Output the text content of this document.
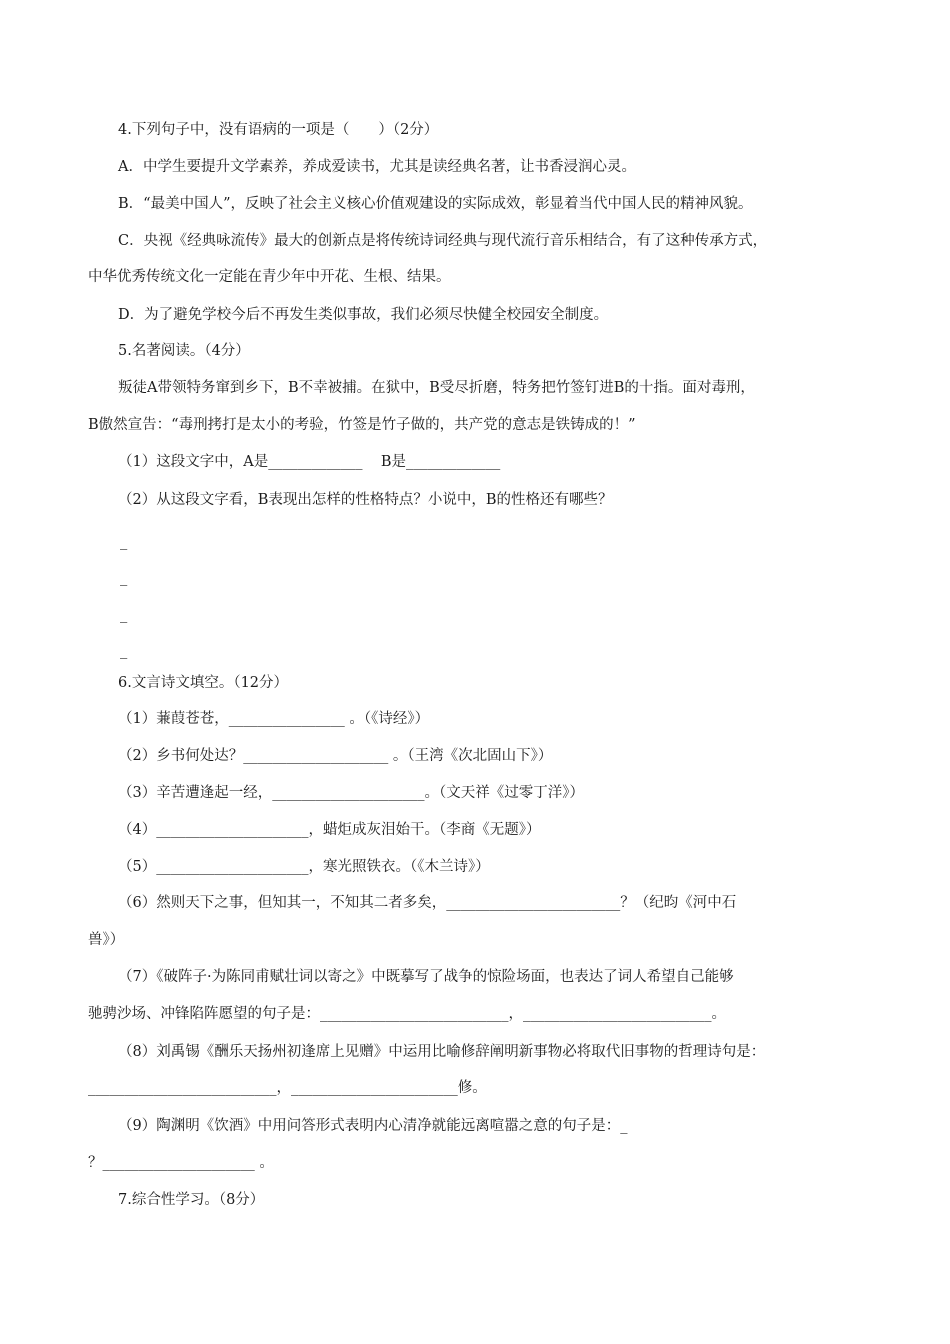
4.下列句子中，没有语病的一项是（　　）（2分）
A．中学生要提升文学素养，养成爱读书，尤其是读经典名著，让书香浸润心灵。
B．“最美中国人”，反映了社会主义核心价值观建设的实际成效，彰显着当代中国人民的精神风貌。
C．央视《经典咏流传》最大的创新点是将传统诗词经典与现代流行音乐相结合，有了这种传承方式，
中华优秀传统文化一定能在青少年中开花、生根、结果。
D．为了避免学校今后不再发生类似事故，我们必须尽快健全校园安全制度。
5.名著阅读。（4分）
叛徒A带领特务窜到乡下，B不幸被捕。在狱中，B受尽折磨，特务把竹签钉进B的十指。面对毒刑，
B傲然宣告：“毒刑拷打是太小的考验，竹签是竹子做的，共产党的意志是铁铸成的！”
（1）这段文字中，A是_____________    B是_____________
（2）从这段文字看，B表现出怎样的性格特点？小说中，B的性格还有哪些？
_
_
_
_
6.文言诗文填空。（12分）
（1）蒹葭苍苍，________________ 。（《诗经》）
（2）乡书何处达？____________________ 。（王湾《次北固山下》）
（3）辛苦遭逢起一经，_____________________。（文天祥《过零丁洋》）
（4）_____________________，蜡炬成灰泪始干。（李商《无题》）
（5）_____________________，寒光照铁衣。（《木兰诗》）
（6）然则天下之事，但知其一，不知其二者多矣，________________________？（纪昀《河中石
兽》）
（7）《破阵子·为陈同甫赋壮词以寄之》中既摹写了战争的惊险场面，也表达了词人希望自己能够
驰骋沙场、冲锋陷阵愿望的句子是：__________________________，__________________________。
（8）刘禹锡《酬乐天扬州初逢席上见赠》中运用比喻修辞阐明新事物必将取代旧事物的哲理诗句是：
__________________________，_______________________修。
（9）陶渊明《饮酒》中用问答形式表明内心清净就能远离喧嚣之意的句子是：_
？_____________________ 。
7.综合性学习。（8分）
